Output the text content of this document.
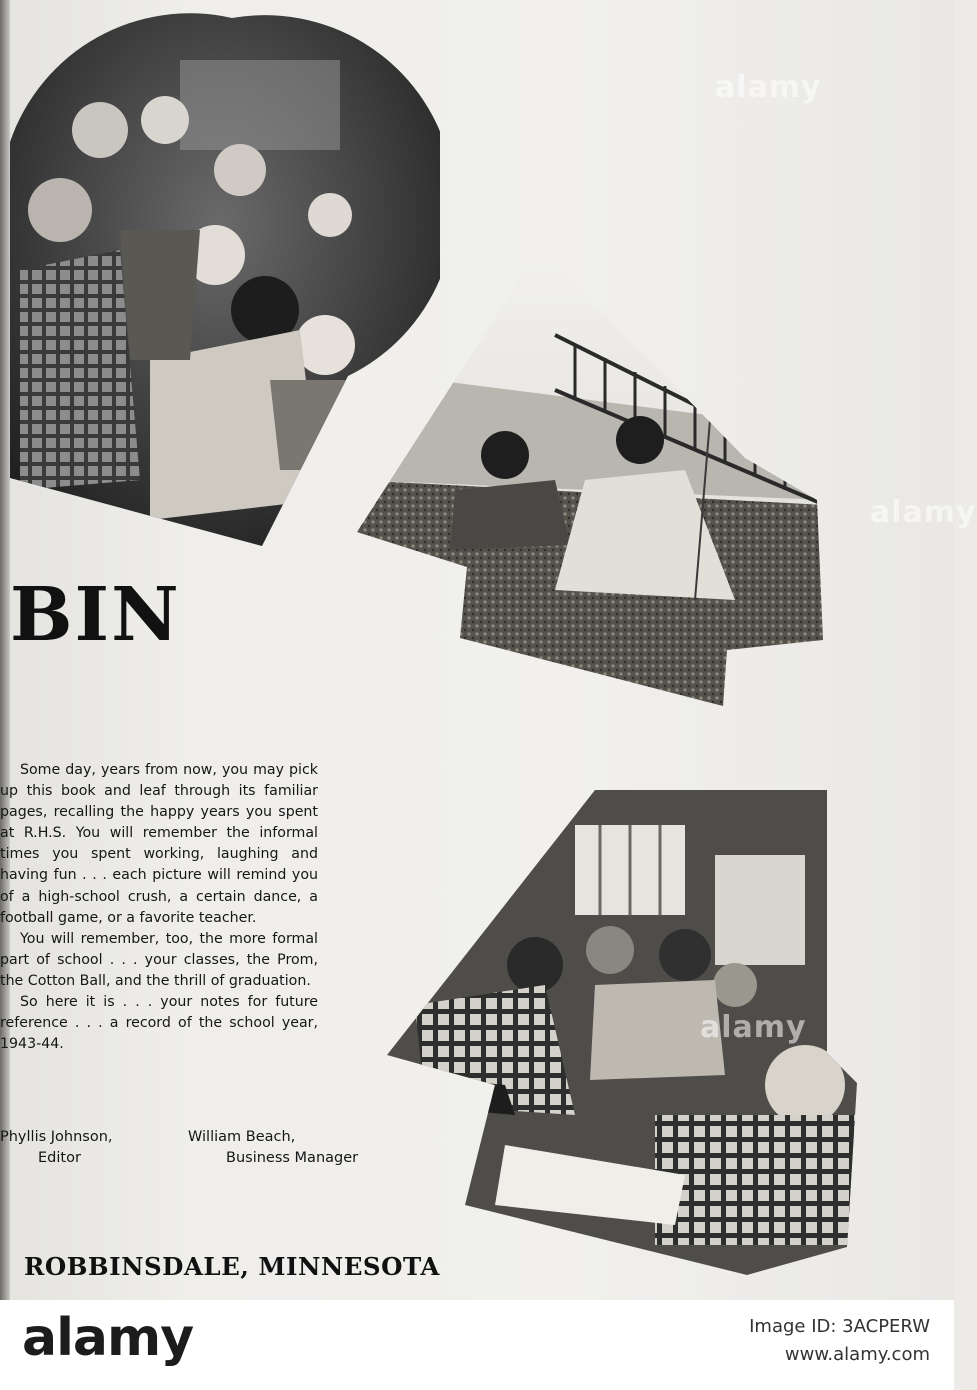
BIN

Some day, years from now, you may pick up this book and leaf through its familiar pages, recalling the happy years you spent at R.H.S. You will remember the informal times you spent working, laughing and having fun . . . each picture will remind you of a high-school crush, a certain dance, a football game, or a favorite teacher.

You will remember, too, the more formal part of school . . . your classes, the Prom, the Cotton Ball, and the thrill of graduation.

So here it is . . . your notes for future reference . . . a record of the school year, 1943-44.

Phyllis Johnson,
Editor
William Beach,
Business Manager
ROBBINSDALE, MINNESOTA
alamy
alamy
alamy
alamy	Image ID: 3ACPERW
www.alamy.com
